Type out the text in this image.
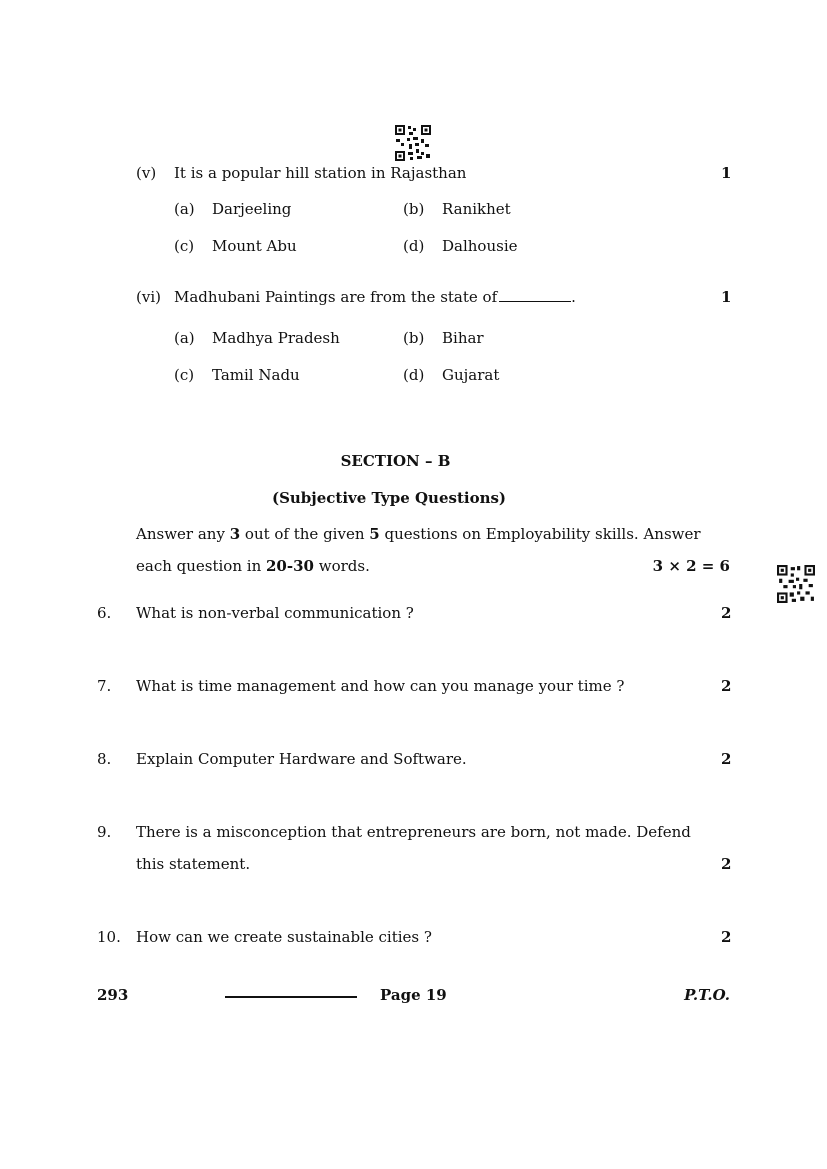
(v) It is a popular hill station in Rajasthan	1
(a) Darjeeling	(b) Ranikhet
(c) Mount Abu	(d) Dalhousie
(vi) Madhubani Paintings are from the state of	.	1
(a) Madhya Pradesh	(b) Bihar
(c) Tamil Nadu	(d) Gujarat
SECTION – B
(Subjective Type Questions)
Answer any 3 out of the given 5 questions on Employability skills. Answer
each question in 20-30 words.	3 × 2 = 6
6. What is non-verbal communication ?	2
7. What is time management and how can you manage your time ?	2
8. Explain Computer Hardware and Software.	2
9. There is a misconception that entrepreneurs are born, not made. Defend
this statement.	2
10. How can we create sustainable cities ?	2
293	Page 19	P.T.O.
